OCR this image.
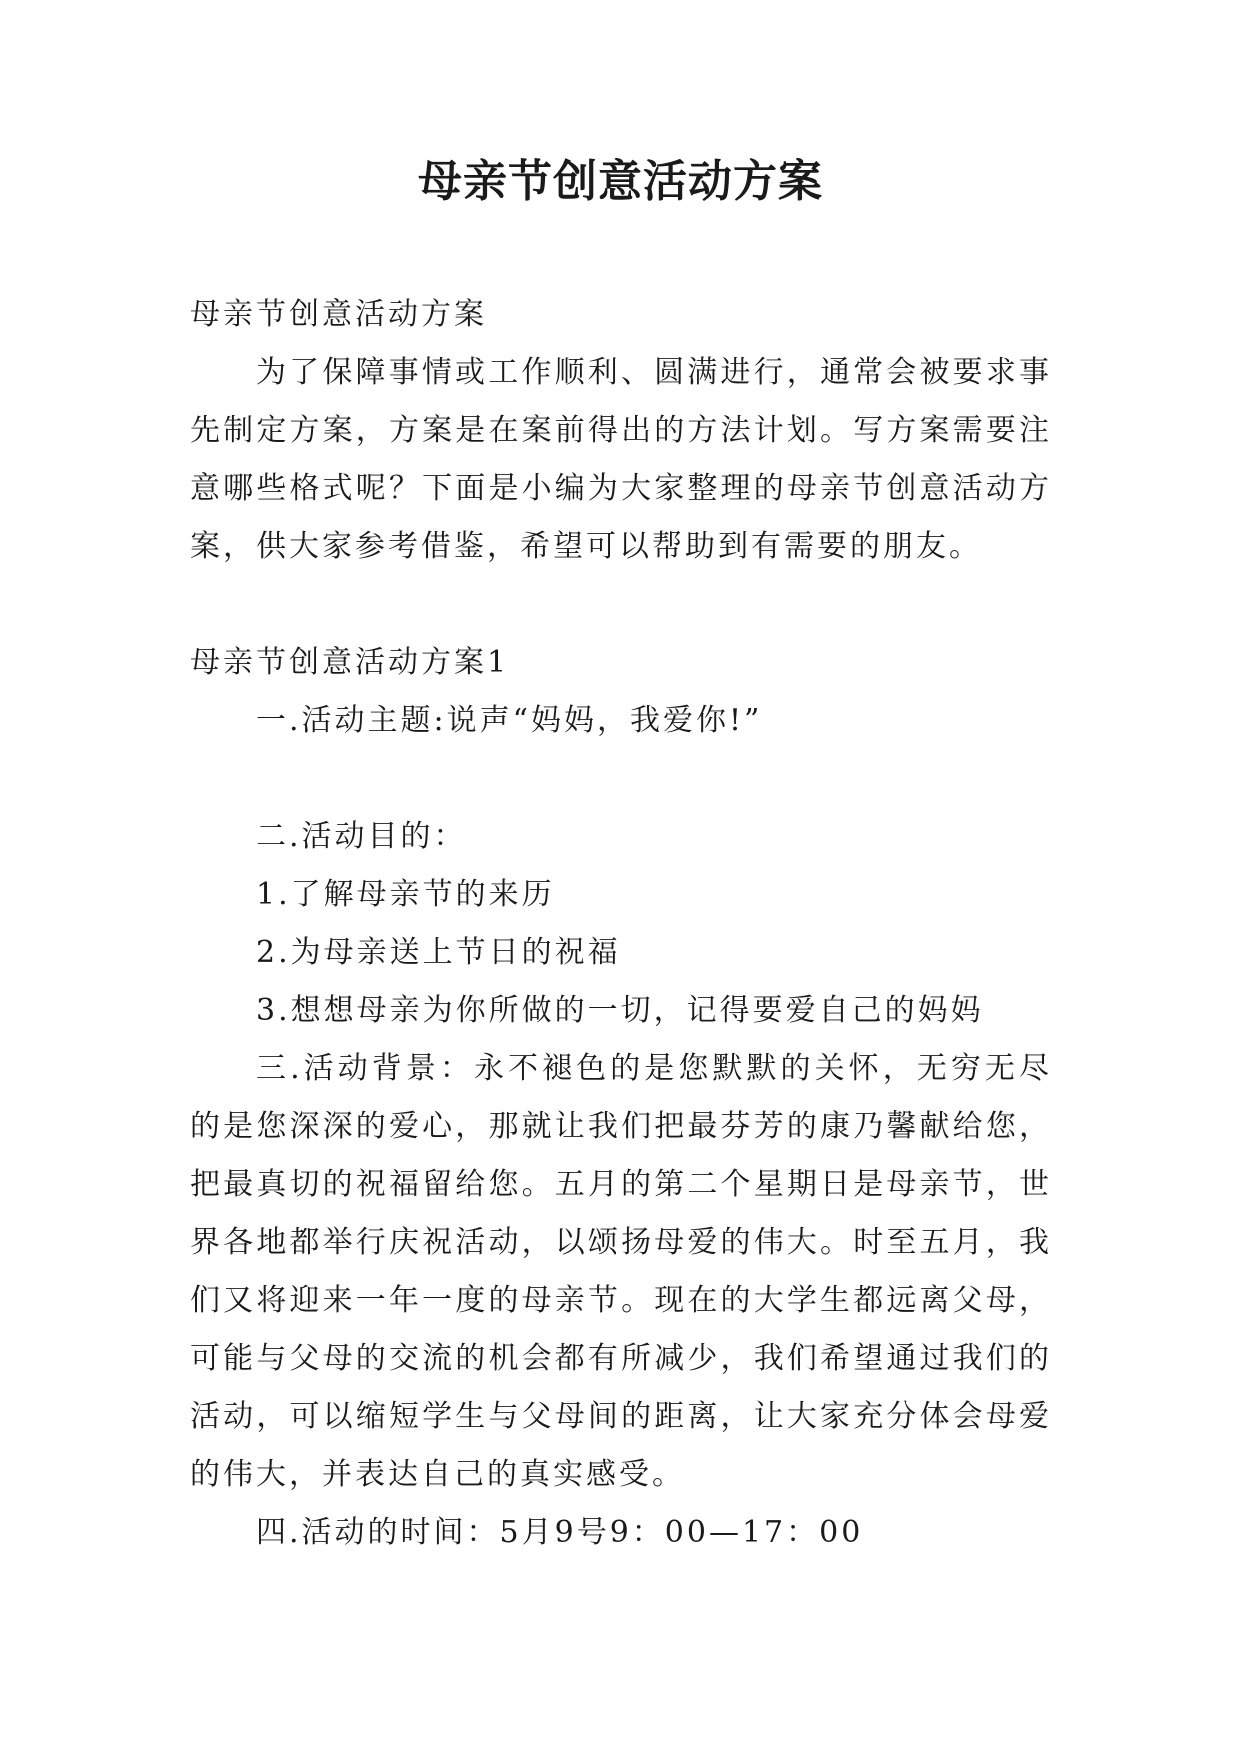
母亲节创意活动方案

母亲节创意活动方案

为了保障事情或工作顺利、圆满进行，通常会被要求事先制定方案，方案是在案前得出的方法计划。写方案需要注意哪些格式呢？下面是小编为大家整理的母亲节创意活动方案，供大家参考借鉴，希望可以帮助到有需要的朋友。

母亲节创意活动方案1

一.活动主题:说声“妈妈，我爱你!”

二.活动目的：

1.了解母亲节的来历

2.为母亲送上节日的祝福

3.想想母亲为你所做的一切，记得要爱自己的妈妈

三.活动背景：永不褪色的是您默默的关怀，无穷无尽的是您深深的爱心，那就让我们把最芬芳的康乃馨献给您，把最真切的祝福留给您。五月的第二个星期日是母亲节，世界各地都举行庆祝活动，以颂扬母爱的伟大。时至五月，我们又将迎来一年一度的母亲节。现在的大学生都远离父母，可能与父母的交流的机会都有所减少，我们希望通过我们的活动，可以缩短学生与父母间的距离，让大家充分体会母爱的伟大，并表达自己的真实感受。

四.活动的时间：5月9号9：00—17：00
